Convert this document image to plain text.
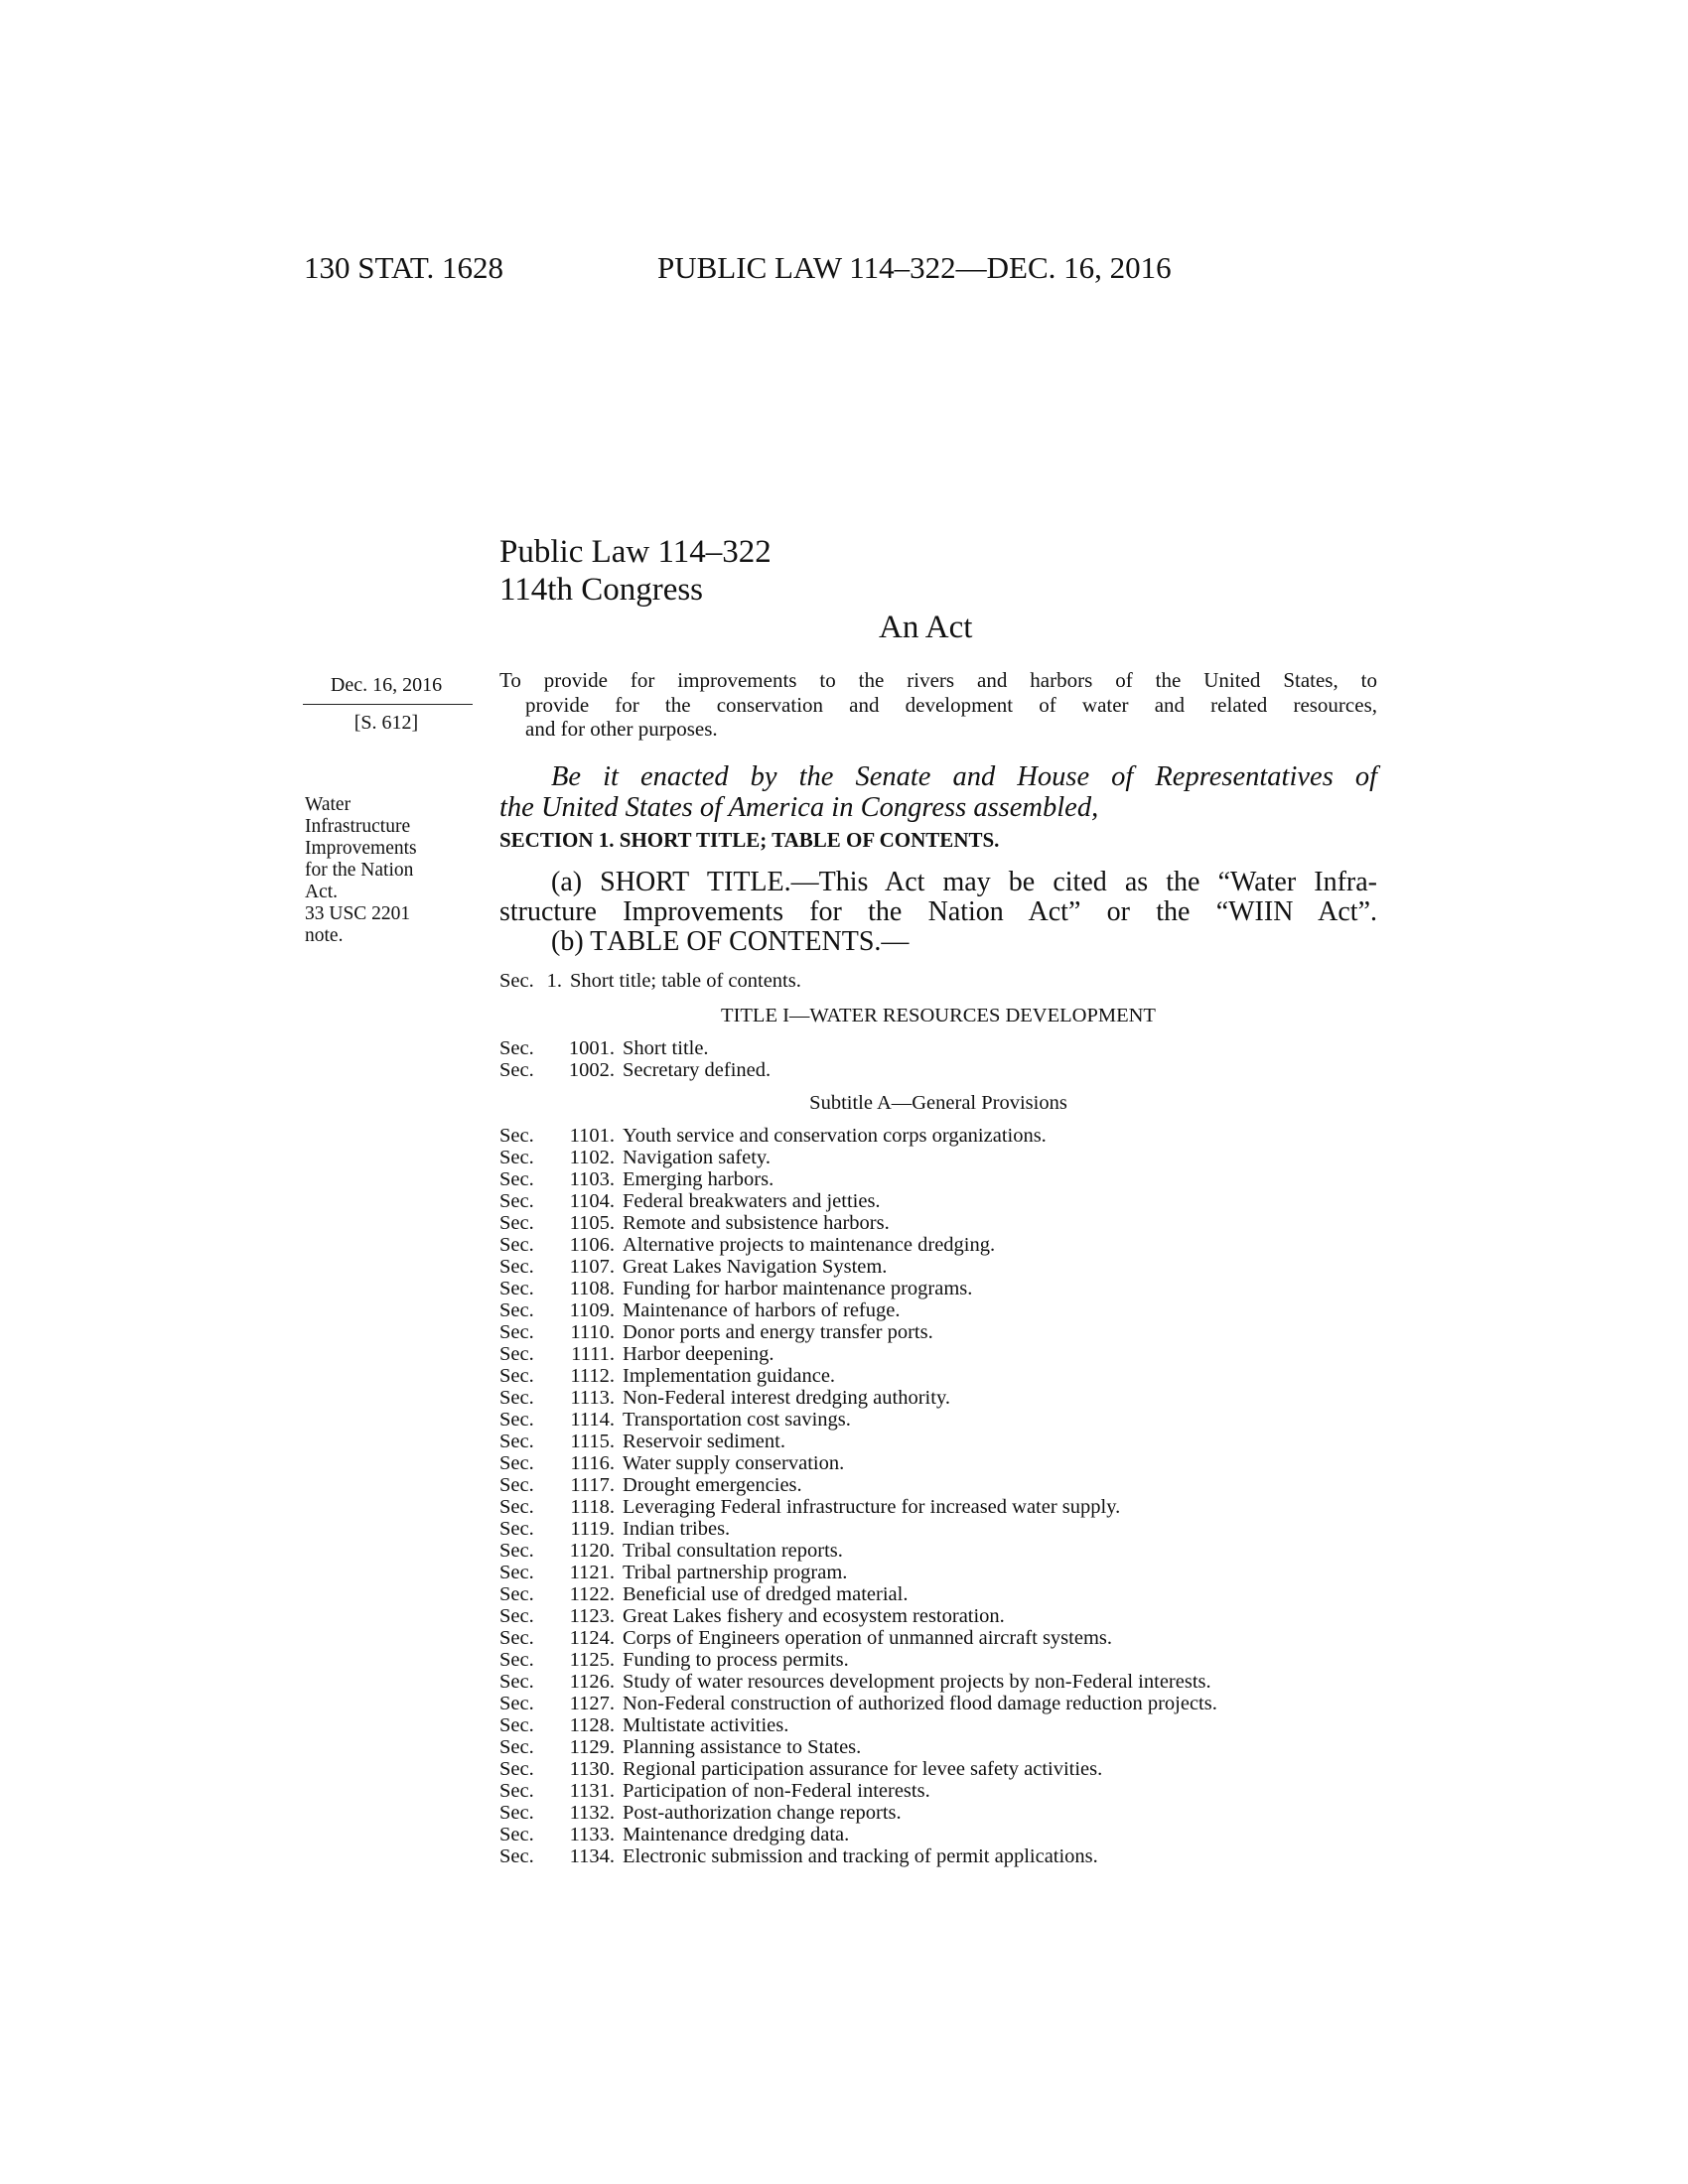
130 STAT. 1628	PUBLIC LAW 114–322—DEC. 16, 2016
Public Law 114–322
114th Congress
An Act
Dec. 16, 2016
[S. 612]
Water
Infrastructure
Improvements
for the Nation
Act.
33 USC 2201
note.
To provide for improvements to the rivers and harbors of the United States, to
provide for the conservation and development of water and related resources,
and for other purposes.
Be it enacted by the Senate and House of Representatives of
the United States of America in Congress assembled,
SECTION 1. SHORT TITLE; TABLE OF CONTENTS.
(a) SHORT TITLE.—This Act may be cited as the “Water Infra-
structure Improvements for the Nation Act” or the “WIIN Act”.
(b) TABLE OF CONTENTS.—
Sec. 1. Short title; table of contents.
TITLE I—WATER RESOURCES DEVELOPMENT
Sec.	1001. Short title.
Sec.	1002. Secretary defined.
Subtitle A—General Provisions
Sec.	1101. Youth service and conservation corps organizations.
Sec.	1102. Navigation safety.
Sec.	1103. Emerging harbors.
Sec.	1104. Federal breakwaters and jetties.
Sec.	1105. Remote and subsistence harbors.
Sec.	1106. Alternative projects to maintenance dredging.
Sec.	1107. Great Lakes Navigation System.
Sec.	1108. Funding for harbor maintenance programs.
Sec.	1109. Maintenance of harbors of refuge.
Sec.	1110. Donor ports and energy transfer ports.
Sec.	1111. Harbor deepening.
Sec.	1112. Implementation guidance.
Sec.	1113. Non-Federal interest dredging authority.
Sec.	1114. Transportation cost savings.
Sec.	1115. Reservoir sediment.
Sec.	1116. Water supply conservation.
Sec.	1117. Drought emergencies.
Sec.	1118. Leveraging Federal infrastructure for increased water supply.
Sec.	1119. Indian tribes.
Sec.	1120. Tribal consultation reports.
Sec.	1121. Tribal partnership program.
Sec.	1122. Beneficial use of dredged material.
Sec.	1123. Great Lakes fishery and ecosystem restoration.
Sec.	1124. Corps of Engineers operation of unmanned aircraft systems.
Sec.	1125. Funding to process permits.
Sec.	1126. Study of water resources development projects by non-Federal interests.
Sec.	1127. Non-Federal construction of authorized flood damage reduction projects.
Sec.	1128. Multistate activities.
Sec.	1129. Planning assistance to States.
Sec.	1130. Regional participation assurance for levee safety activities.
Sec.	1131. Participation of non-Federal interests.
Sec.	1132. Post-authorization change reports.
Sec.	1133. Maintenance dredging data.
Sec.	1134. Electronic submission and tracking of permit applications.
